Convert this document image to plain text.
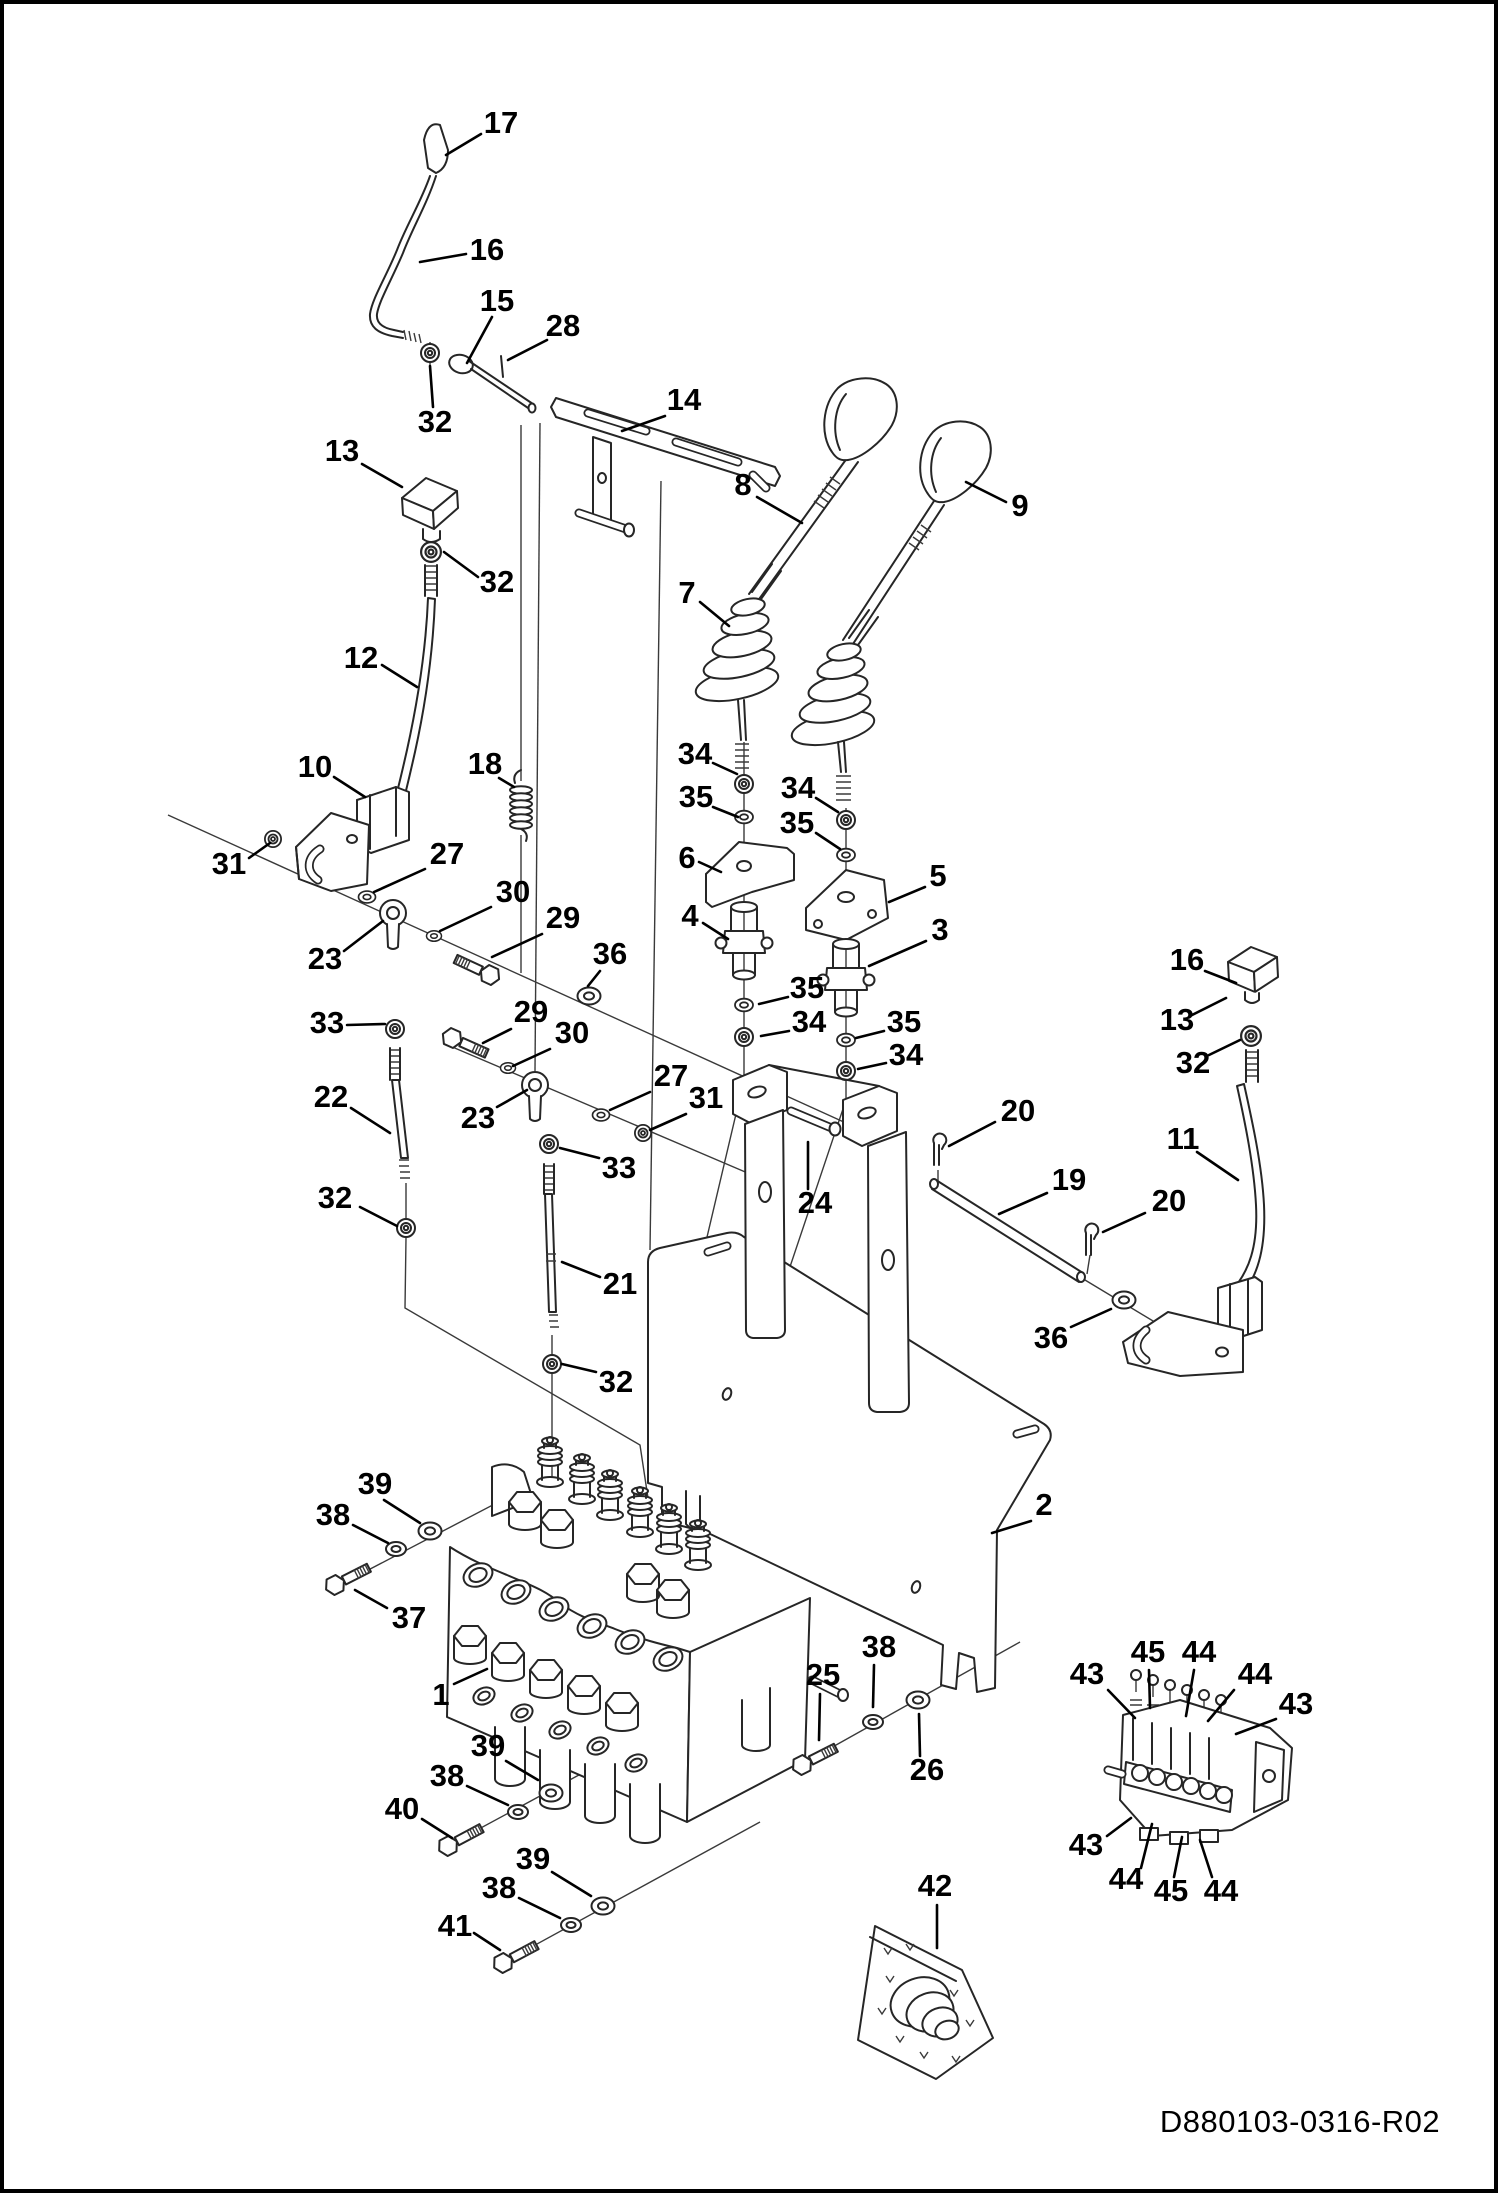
17
16
15
28
32
13
32
14
8
9
7
12
10	18	34
35
6
4
34
35
5
3
31	27
30
29
36
23
33	29
30
35
34 35
34
22
23
27
31
33
16
13
32
20
11
24
19
20
21
36
32
32
2
39
38
37
1
25
38
26
39
38
40
39
38
41
43
45 44
44
43
43
44 45 44
42
D880103-0316-R02
